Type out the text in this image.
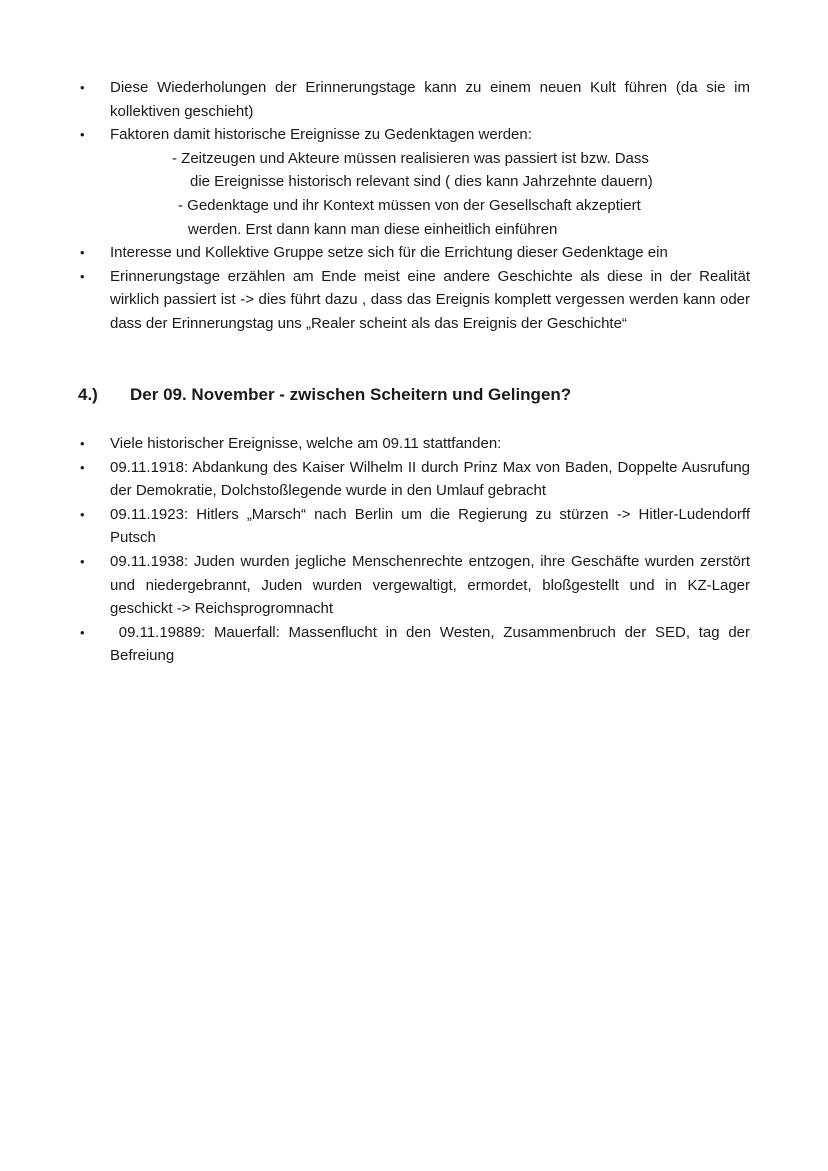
•	Diese Wiederholungen der Erinnerungstage kann zu einem neuen Kult führen (da sie im kollektiven geschieht)
•	Faktoren damit historische Ereignisse zu Gedenktagen werden:
- Zeitzeugen und Akteure müssen realisieren was passiert ist bzw. Dass
die Ereignisse historisch relevant sind ( dies kann Jahrzehnte dauern)
- Gedenktage und ihr Kontext müssen von der Gesellschaft akzeptiert
werden. Erst dann kann man diese einheitlich einführen
•	Interesse und Kollektive Gruppe setze sich für die Errichtung dieser Gedenktage ein
•	Erinnerungstage erzählen am Ende meist eine andere Geschichte als diese in der Realität wirklich passiert ist -> dies führt dazu , dass das Ereignis komplett vergessen werden kann oder dass der Erinnerungstag uns „Realer scheint als das Ereignis der Geschichte“
4.) Der 09. November - zwischen Scheitern und Gelingen?
•	Viele historischer Ereignisse, welche am 09.11 stattfanden:
•	09.11.1918: Abdankung des Kaiser Wilhelm II durch Prinz Max von Baden, Doppelte Ausrufung der Demokratie, Dolchstoßlegende wurde in den Umlauf gebracht
•	09.11.1923: Hitlers „Marsch“ nach Berlin um die Regierung zu stürzen -> Hitler-Ludendorff Putsch
•	09.11.1938: Juden wurden jegliche Menschenrechte entzogen, ihre Geschäfte wurden zerstört und niedergebrannt, Juden wurden vergewaltigt, ermordet, bloßgestellt und in KZ-Lager geschickt -> Reichsprogromnacht
•	09.11.19889: Mauerfall: Massenflucht in den Westen, Zusammenbruch der SED, tag der Befreiung
